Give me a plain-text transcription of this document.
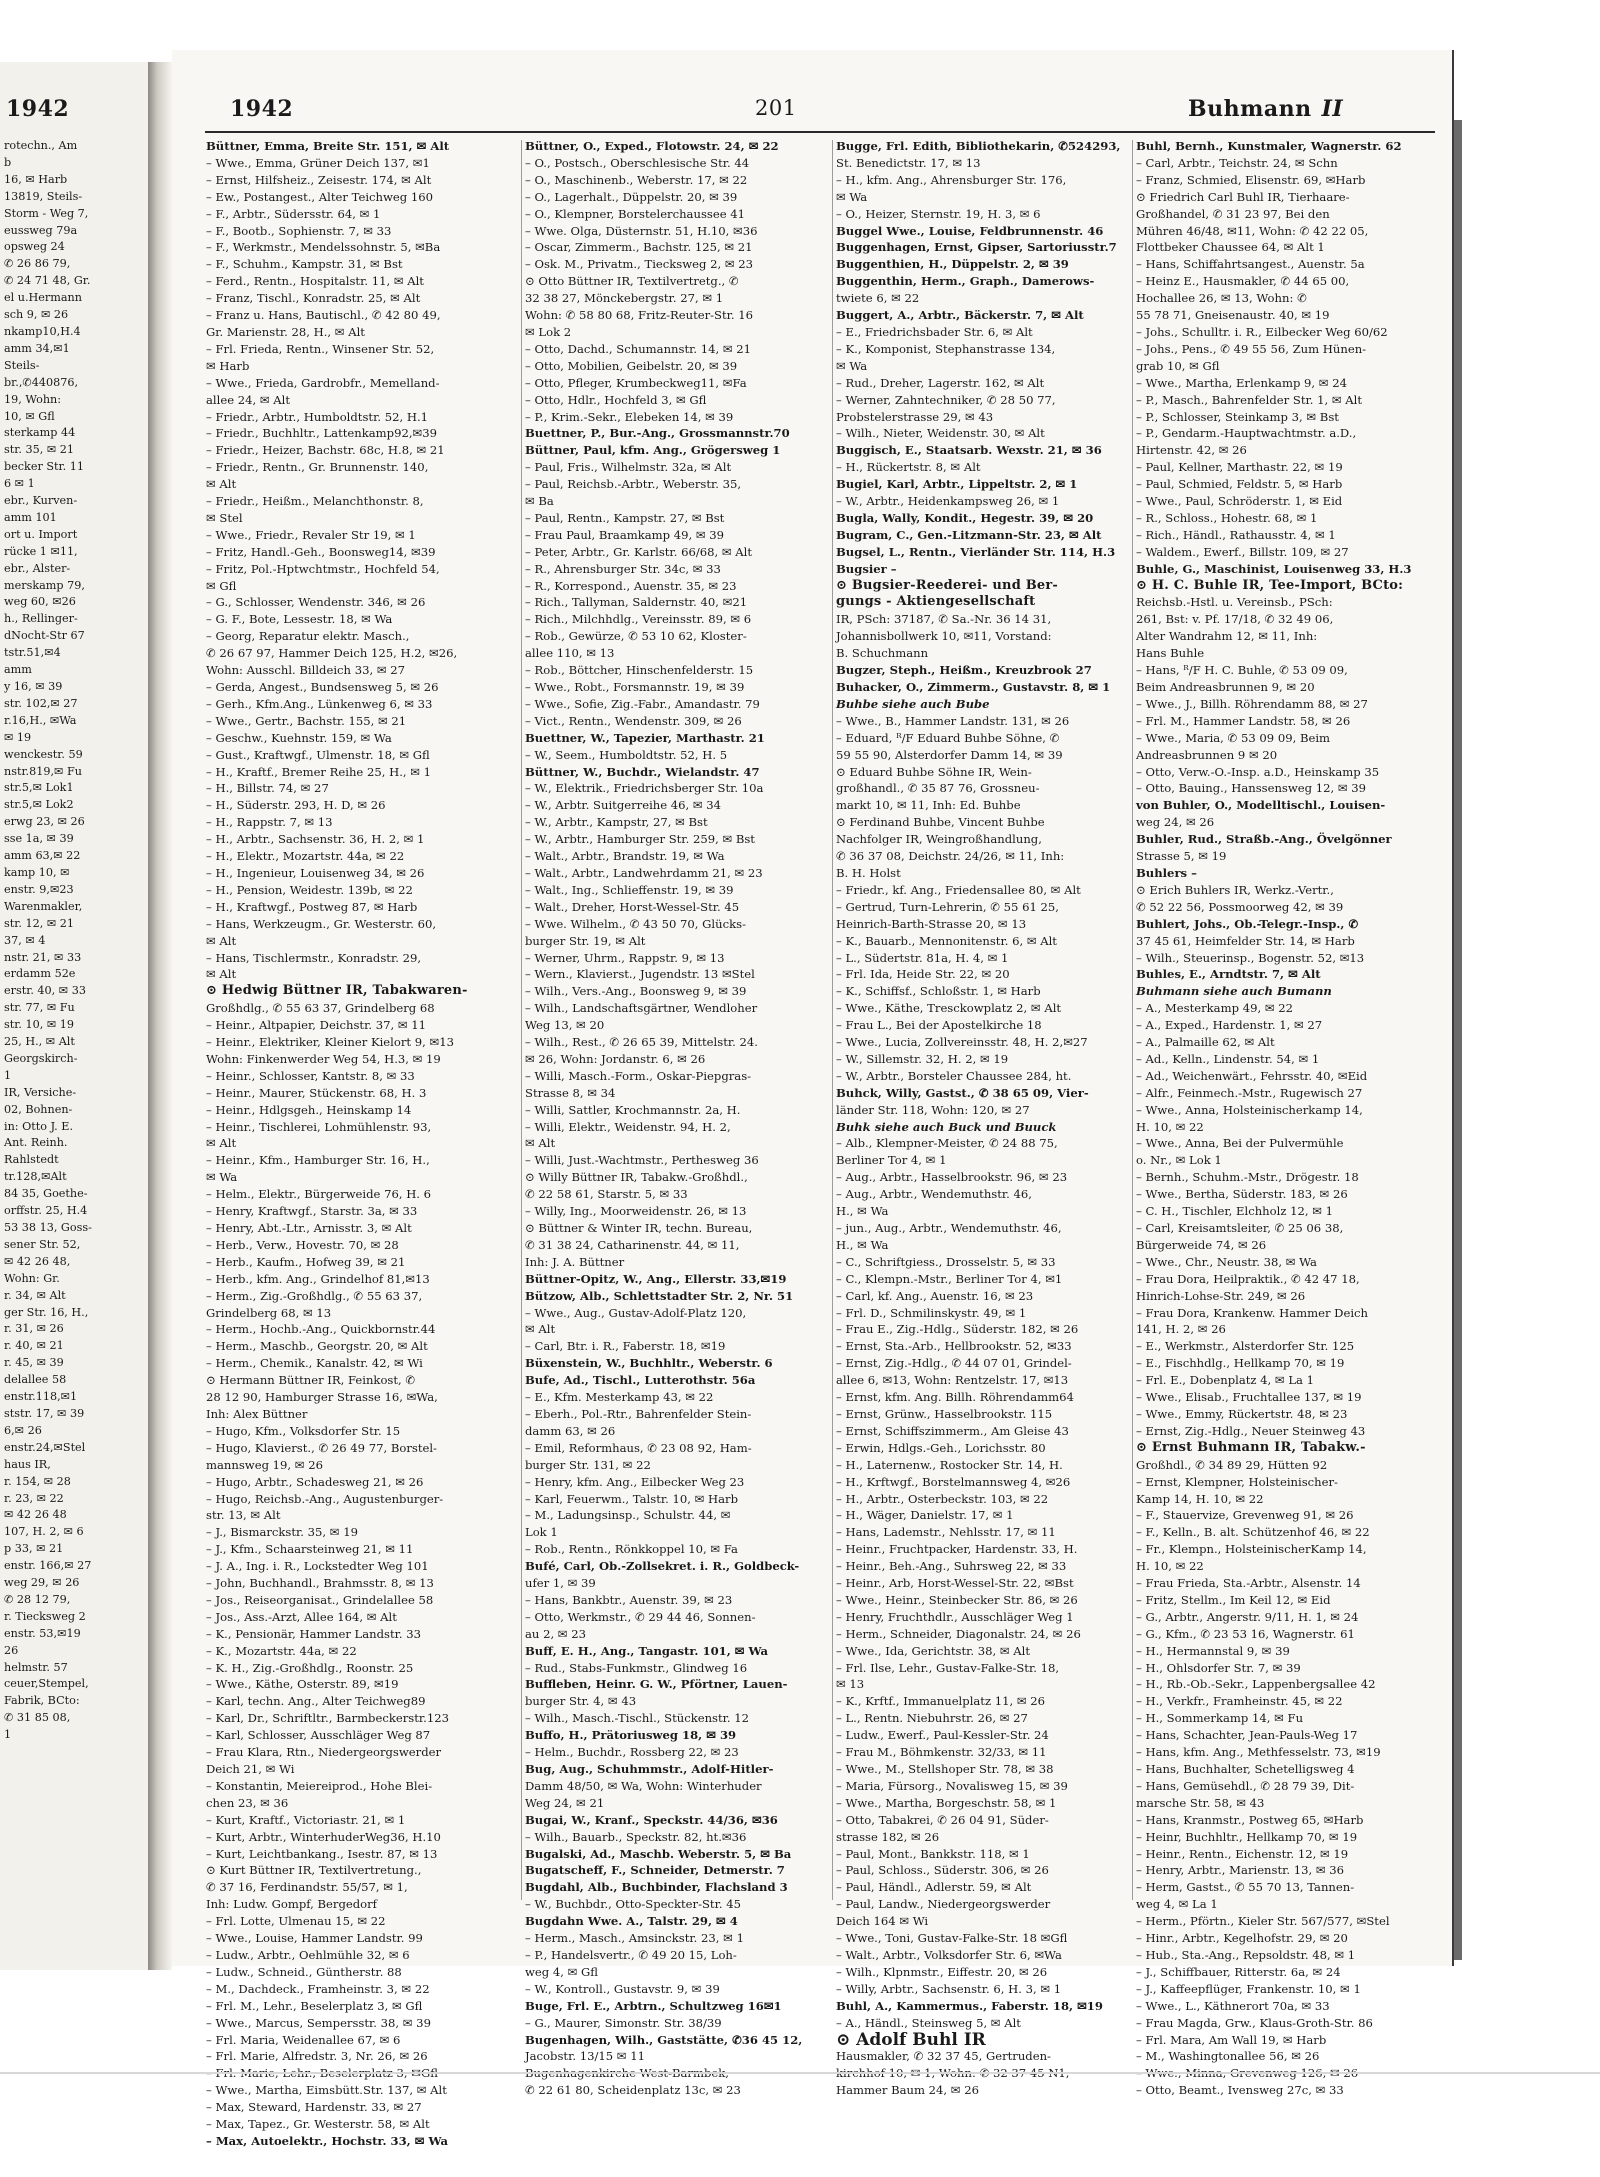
rotechn., Am

b

16, ✉ Harb

13819, Steils-

Storm - Weg 7,

eussweg 79a

opsweg 24

✆ 26 86 79,

✆ 24 71 48, Gr.

el u.Hermann

sch 9, ✉ 26

nkamp10,H.4

amm 34,✉1

Steils-

br.,✆440876,

19, Wohn:

10, ✉ Gfl

sterkamp 44

str. 35, ✉ 21

becker Str. 11

6 ✉ 1

ebr., Kurven-

amm 101

ort u. Import

rücke 1 ✉11,

ebr., Alster-

merskamp 79,

weg 60, ✉26

h., Rellinger-

dNocht-Str 67

tstr.51,✉4

amm

y 16, ✉ 39

str. 102,✉ 27

r.16,H., ✉Wa

✉ 19

wenckestr. 59

nstr.819,✉ Fu

str.5,✉ Lok1

str.5,✉ Lok2

erwg 23, ✉ 26

sse 1a, ✉ 39

amm 63,✉ 22

kamp 10, ✉

enstr. 9,✉23

Warenmakler,

str. 12, ✉ 21

37, ✉ 4

nstr. 21, ✉ 33

erdamm 52e

erstr. 40, ✉ 33

str. 77, ✉ Fu

str. 10, ✉ 19

25, H., ✉ Alt

Georgskirch-

1

IR, Versiche-

02, Bohnen-

in: Otto J. E.

Ant. Reinh.

Rahlstedt

tr.128,✉Alt

84 35, Goethe-

orffstr. 25, H.4

53 38 13, Goss-

sener Str. 52,

✉ 42 26 48,

Wohn: Gr.

r. 34, ✉ Alt

ger Str. 16, H.,

r. 31, ✉ 26

r. 40, ✉ 21

r. 45, ✉ 39

delallee 58

enstr.118,✉1

ststr. 17, ✉ 39

6,✉ 26

enstr.24,✉Stel

haus IR,

r. 154, ✉ 28

r. 23, ✉ 22

✉ 42 26 48

107, H. 2, ✉ 6

p 33, ✉ 21

enstr. 166,✉ 27

weg 29, ✉ 26

✆ 28 12 79,

r. Tiecksweg 2

enstr. 53,✉19

26

helmstr. 57

ceuer,Stempel,

Fabrik, BCto:

✆ 31 85 08,

1

1942	1942	201	Buhmann II

Büttner, Emma, Breite Str. 151, ✉ Alt

– Wwe., Emma, Grüner Deich 137, ✉1

– Ernst, Hilfsheiz., Zeisestr. 174, ✉ Alt

– Ew., Postangest., Alter Teichweg 160

– F., Arbtr., Südersstr. 64, ✉ 1

– F., Bootb., Sophienstr. 7, ✉ 33

– F., Werkmstr., Mendelssohnstr. 5, ✉Ba

– F., Schuhm., Kampstr. 31, ✉ Bst

– Ferd., Rentn., Hospitalstr. 11, ✉ Alt

– Franz, Tischl., Konradstr. 25, ✉ Alt

– Franz u. Hans, Bautischl., ✆ 42 80 49,

Gr. Marienstr. 28, H., ✉ Alt

– Frl. Frieda, Rentn., Winsener Str. 52,

✉ Harb

– Wwe., Frieda, Gardrobfr., Memelland-

allee 24, ✉ Alt

– Friedr., Arbtr., Humboldtstr. 52, H.1

– Friedr., Buchhltr., Lattenkamp92,✉39

– Friedr., Heizer, Bachstr. 68c, H.8, ✉ 21

– Friedr., Rentn., Gr. Brunnenstr. 140,

✉ Alt

– Friedr., Heißm., Melanchthonstr. 8,

✉ Stel

– Wwe., Friedr., Revaler Str 19, ✉ 1

– Fritz, Handl.-Geh., Boonsweg14, ✉39

– Fritz, Pol.-Hptwchtmstr., Hochfeld 54,

✉ Gfl

– G., Schlosser, Wendenstr. 346, ✉ 26

– G. F., Bote, Lessestr. 18, ✉ Wa

– Georg, Reparatur elektr. Masch.,

✆ 26 67 97, Hammer Deich 125, H.2, ✉26,

Wohn: Ausschl. Billdeich 33, ✉ 27

– Gerda, Angest., Bundsensweg 5, ✉ 26

– Gerh., Kfm.Ang., Lünkenweg 6, ✉ 33

– Wwe., Gertr., Bachstr. 155, ✉ 21

– Geschw., Kuehnstr. 159, ✉ Wa

– Gust., Kraftwgf., Ulmenstr. 18, ✉ Gfl

– H., Kraftf., Bremer Reihe 25, H., ✉ 1

– H., Billstr. 74, ✉ 27

– H., Süderstr. 293, H. D, ✉ 26

– H., Rappstr. 7, ✉ 13

– H., Arbtr., Sachsenstr. 36, H. 2, ✉ 1

– H., Elektr., Mozartstr. 44a, ✉ 22

– H., Ingenieur, Louisenweg 34, ✉ 26

– H., Pension, Weidestr. 139b, ✉ 22

– H., Kraftwgf., Postweg 87, ✉ Harb

– Hans, Werkzeugm., Gr. Westerstr. 60,

✉ Alt

– Hans, Tischlermstr., Konradstr. 29,

✉ Alt

⊙ Hedwig Büttner IR, Tabakwaren-

Großhdlg., ✆ 55 63 37, Grindelberg 68

– Heinr., Altpapier, Deichstr. 37, ✉ 11

– Heinr., Elektriker, Kleiner Kielort 9, ✉13

Wohn: Finkenwerder Weg 54, H.3, ✉ 19

– Heinr., Schlosser, Kantstr. 8, ✉ 33

– Heinr., Maurer, Stückenstr. 68, H. 3

– Heinr., Hdlgsgeh., Heinskamp 14

– Heinr., Tischlerei, Lohmühlenstr. 93,

✉ Alt

– Heinr., Kfm., Hamburger Str. 16, H.,

✉ Wa

– Helm., Elektr., Bürgerweide 76, H. 6

– Henry, Kraftwgf., Starstr. 3a, ✉ 33

– Henry, Abt.-Ltr., Arnisstr. 3, ✉ Alt

– Herb., Verw., Hovestr. 70, ✉ 28

– Herb., Kaufm., Hofweg 39, ✉ 21

– Herb., kfm. Ang., Grindelhof 81,✉13

– Herm., Zig.-Großhdlg., ✆ 55 63 37,

Grindelberg 68, ✉ 13

– Herm., Hochb.-Ang., Quickbornstr.44

– Herm., Maschb., Georgstr. 20, ✉ Alt

– Herm., Chemik., Kanalstr. 42, ✉ Wi

⊙ Hermann Büttner IR, Feinkost, ✆

28 12 90, Hamburger Strasse 16, ✉Wa,

Inh: Alex Büttner

– Hugo, Kfm., Volksdorfer Str. 15

– Hugo, Klavierst., ✆ 26 49 77, Borstel-

mannsweg 19, ✉ 26

– Hugo, Arbtr., Schadesweg 21, ✉ 26

– Hugo, Reichsb.-Ang., Augustenburger-

str. 13, ✉ Alt

– J., Bismarckstr. 35, ✉ 19

– J., Kfm., Schaarsteinweg 21, ✉ 11

– J. A., Ing. i. R., Lockstedter Weg 101

– John, Buchhandl., Brahmsstr. 8, ✉ 13

– Jos., Reiseorganisat., Grindelallee 58

– Jos., Ass.-Arzt, Allee 164, ✉ Alt

– K., Pensionär, Hammer Landstr. 33

– K., Mozartstr. 44a, ✉ 22

– K. H., Zig.-Großhdlg., Roonstr. 25

– Wwe., Käthe, Osterstr. 89, ✉19

– Karl, techn. Ang., Alter Teichweg89

– Karl, Dr., Schriftltr., Barmbeckerstr.123

– Karl, Schlosser, Ausschläger Weg 87

– Frau Klara, Rtn., Niedergeorgswerder

Deich 21, ✉ Wi

– Konstantin, Meiereiprod., Hohe Blei-

chen 23, ✉ 36

– Kurt, Kraftf., Victoriastr. 21, ✉ 1

– Kurt, Arbtr., WinterhuderWeg36, H.10

– Kurt, Leichtbankang., Isestr. 87, ✉ 13

⊙ Kurt Büttner IR, Textilvertretung.,

✆ 37 16, Ferdinandstr. 55/57, ✉ 1,

Inh: Ludw. Gompf, Bergedorf

– Frl. Lotte, Ulmenau 15, ✉ 22

– Wwe., Louise, Hammer Landstr. 99

– Ludw., Arbtr., Oehlmühle 32, ✉ 6

– Ludw., Schneid., Güntherstr. 88

– M., Dachdeck., Framheinstr. 3, ✉ 22

– Frl. M., Lehr., Beselerplatz 3, ✉ Gfl

– Wwe., Marcus, Sempersstr. 38, ✉ 39

– Frl. Maria, Weidenallee 67, ✉ 6

– Frl. Marie, Alfredstr. 3, Nr. 26, ✉ 26

– Wwe., Martha, Eimsbütt.Str. 137, ✉ Alt

– Max, Steward, Hardenstr. 33, ✉ 27

– Max, Tapez., Gr. Westerstr. 58, ✉ Alt

– Max, Autoelektr., Hochstr. 33, ✉ Wa

Büttner, O., Exped., Flotowstr. 24, ✉ 22

– O., Postsch., Oberschlesische Str. 44

– O., Maschinenb., Weberstr. 17, ✉ 22

– O., Lagerhalt., Düppelstr. 20, ✉ 39

– O., Klempner, Borstelerchaussee 41

– Wwe. Olga, Düsternstr. 51, H.10, ✉36

– Oscar, Zimmerm., Bachstr. 125, ✉ 21

– Osk. M., Privatm., Tiecksweg 2, ✉ 23

⊙ Otto Büttner IR, Textilvertretg., ✆

32 38 27, Mönckebergstr. 27, ✉ 1

Wohn: ✆ 58 80 68, Fritz-Reuter-Str. 16

✉ Lok 2

– Otto, Dachd., Schumannstr. 14, ✉ 21

– Otto, Mobilien, Geibelstr. 20, ✉ 39

– Otto, Pfleger, Krumbeckweg11, ✉Fa

– Otto, Hdlr., Hochfeld 3, ✉ Gfl

– P., Krim.-Sekr., Elebeken 14, ✉ 39

Buettner, P., Bur.-Ang., Grossmannstr.70

Büttner, Paul, kfm. Ang., Grögersweg 1

– Paul, Fris., Wilhelmstr. 32a, ✉ Alt

– Paul, Reichsb.-Arbtr., Weberstr. 35,

✉ Ba

– Paul, Rentn., Kampstr. 27, ✉ Bst

– Frau Paul, Braamkamp 49, ✉ 39

– Peter, Arbtr., Gr. Karlstr. 66/68, ✉ Alt

– R., Ahrensburger Str. 34c, ✉ 33

– R., Korrespond., Auenstr. 35, ✉ 23

– Rich., Tallyman, Saldernstr. 40, ✉21

– Rich., Milchhdlg., Vereinsstr. 89, ✉ 6

– Rob., Gewürze, ✆ 53 10 62, Kloster-

allee 110, ✉ 13

– Rob., Böttcher, Hinschenfelderstr. 15

– Wwe., Robt., Forsmannstr. 19, ✉ 39

– Wwe., Sofie, Zig.-Fabr., Amandastr. 79

– Vict., Rentn., Wendenstr. 309, ✉ 26

Buettner, W., Tapezier, Marthastr. 21

– W., Seem., Humboldtstr. 52, H. 5

Büttner, W., Buchdr., Wielandstr. 47

– W., Elektrik., Friedrichsberger Str. 10a

– W., Arbtr. Suitgerreihe 46, ✉ 34

– W., Arbtr., Kampstr, 27, ✉ Bst

– W., Arbtr., Hamburger Str. 259, ✉ Bst

– Walt., Arbtr., Brandstr. 19, ✉ Wa

– Walt., Arbtr., Landwehrdamm 21, ✉ 23

– Walt., Ing., Schlieffenstr. 19, ✉ 39

– Walt., Dreher, Horst-Wessel-Str. 45

– Wwe. Wilhelm., ✆ 43 50 70, Glücks-

burger Str. 19, ✉ Alt

– Werner, Uhrm., Rappstr. 9, ✉ 13

– Wern., Klavierst., Jugendstr. 13 ✉Stel

– Wilh., Vers.-Ang., Boonsweg 9, ✉ 39

– Wilh., Landschaftsgärtner, Wendloher

Weg 13, ✉ 20

– Wilh., Rest., ✆ 26 65 39, Mittelstr. 24.

✉ 26, Wohn: Jordanstr. 6, ✉ 26

– Willi, Masch.-Form., Oskar-Piepgras-

Strasse 8, ✉ 34

– Willi, Sattler, Krochmannstr. 2a, H.

– Willi, Elektr., Weidenstr. 94, H. 2,

✉ Alt

– Willi, Just.-Wachtmstr., Perthesweg 36

⊙ Willy Büttner IR, Tabakw.-Großhdl.,

✆ 22 58 61, Starstr. 5, ✉ 33

– Willy, Ing., Moorweidenstr. 26, ✉ 13

⊙ Büttner & Winter IR, techn. Bureau,

✆ 31 38 24, Catharinenstr. 44, ✉ 11,

Inh: J. A. Büttner

Büttner-Opitz, W., Ang., Ellerstr. 33,✉19

Bützow, Alb., Schlettstadter Str. 2, Nr. 51

– Wwe., Aug., Gustav-Adolf-Platz 120,

✉ Alt

– Carl, Btr. i. R., Faberstr. 18, ✉19

Büxenstein, W., Buchhltr., Weberstr. 6

Bufe, Ad., Tischl., Lutterothstr. 56a

– E., Kfm. Mesterkamp 43, ✉ 22

– Eberh., Pol.-Rtr., Bahrenfelder Stein-

damm 63, ✉ 26

– Emil, Reformhaus, ✆ 23 08 92, Ham-

burger Str. 131, ✉ 22

– Henry, kfm. Ang., Eilbecker Weg 23

– Karl, Feuerwm., Talstr. 10, ✉ Harb

– M., Ladungsinsp., Schulstr. 44, ✉

Lok 1

– Rob., Rentn., Rönkkoppel 10, ✉ Fa

Bufé, Carl, Ob.-Zollsekret. i. R., Goldbeck-

ufer 1, ✉ 39

– Hans, Bankbtr., Auenstr. 39, ✉ 23

– Otto, Werkmstr., ✆ 29 44 46, Sonnen-

au 2, ✉ 23

Buff, E. H., Ang., Tangastr. 101, ✉ Wa

– Rud., Stabs-Funkmstr., Glindweg 16

Buffleben, Heinr. G. W., Pförtner, Lauen-

burger Str. 4, ✉ 43

– Wilh., Masch.-Tischl., Stückenstr. 12

Buffo, H., Prätoriusweg 18, ✉ 39

– Helm., Buchdr., Rossberg 22, ✉ 23

Bug, Aug., Schuhmmstr., Adolf-Hitler-

Damm 48/50, ✉ Wa, Wohn: Winterhuder

Weg 24, ✉ 21

Bugai, W., Kranf., Speckstr. 44/36, ✉36

– Wilh., Bauarb., Speckstr. 82, ht.✉36

Bugalski, Ad., Maschb. Weberstr. 5, ✉ Ba

Bugatscheff, F., Schneider, Detmerstr. 7

Bugdahl, Alb., Buchbinder, Flachsland 3

– W., Buchbdr., Otto-Speckter-Str. 45

Bugdahn Wwe. A., Talstr. 29, ✉ 4

– Herm., Masch., Amsinckstr. 23, ✉ 1

– P., Handelsvertr., ✆ 49 20 15, Loh-

weg 4, ✉ Gfl

– W., Kontroll., Gustavstr. 9, ✉ 39

Buge, Frl. E., Arbtrn., Schultzweg 16✉1

– G., Maurer, Simonstr. Str. 38/39

Bugenhagen, Wilh., Gaststätte, ✆36 45 12,

Jacobstr. 13/15 ✉ 11

✆ 22 61 80, Scheidenplatz 13c, ✉ 23

Bugge, Frl. Edith, Bibliothekarin, ✆524293,

St. Benedictstr. 17, ✉ 13

– H., kfm. Ang., Ahrensburger Str. 176,

✉ Wa

– O., Heizer, Sternstr. 19, H. 3, ✉ 6

Buggel Wwe., Louise, Feldbrunnenstr. 46

Buggenhagen, Ernst, Gipser, Sartoriusstr.7

Buggenthien, H., Düppelstr. 2, ✉ 39

Buggenthin, Herm., Graph., Damerows-

twiete 6, ✉ 22

Buggert, A., Arbtr., Bäckerstr. 7, ✉ Alt

– E., Friedrichsbader Str. 6, ✉ Alt

– K., Komponist, Stephanstrasse 134,

✉ Wa

– Rud., Dreher, Lagerstr. 162, ✉ Alt

– Werner, Zahntechniker, ✆ 28 50 77,

Probstelerstrasse 29, ✉ 43

– Wilh., Nieter, Weidenstr. 30, ✉ Alt

Buggisch, E., Staatsarb. Wexstr. 21, ✉ 36

– H., Rückertstr. 8, ✉ Alt

Bugiel, Karl, Arbtr., Lippeltstr. 2, ✉ 1

– W., Arbtr., Heidenkampsweg 26, ✉ 1

Bugla, Wally, Kondit., Hegestr. 39, ✉ 20

Bugram, C., Gen.-Litzmann-Str. 23, ✉ Alt

Bugsel, L., Rentn., Vierländer Str. 114, H.3

Bugsier –

⊙ Bugsier-Reederei- und Ber-

gungs - Aktiengesellschaft

IR, PSch: 37187, ✆ Sa.-Nr. 36 14 31,

Johannisbollwerk 10, ✉11, Vorstand:

B. Schuchmann

Bugzer, Steph., Heißm., Kreuzbrook 27

Buhacker, O., Zimmerm., Gustavstr. 8, ✉ 1

Buhbe siehe auch Bube

– Wwe., B., Hammer Landstr. 131, ✉ 26

– Eduard, ᴿ/F Eduard Buhbe Söhne, ✆

59 55 90, Alsterdorfer Damm 14, ✉ 39

⊙ Eduard Buhbe Söhne IR, Wein-

großhandl., ✆ 35 87 76, Grossneu-

markt 10, ✉ 11, Inh: Ed. Buhbe

⊙ Ferdinand Buhbe, Vincent Buhbe

Nachfolger IR, Weingroßhandlung,

✆ 36 37 08, Deichstr. 24/26, ✉ 11, Inh:

B. H. Holst

– Friedr., kf. Ang., Friedensallee 80, ✉ Alt

– Gertrud, Turn-Lehrerin, ✆ 55 61 25,

Heinrich-Barth-Strasse 20, ✉ 13

– K., Bauarb., Mennonitenstr. 6, ✉ Alt

– L., Südertstr. 81a, H. 4, ✉ 1

– Frl. Ida, Heide Str. 22, ✉ 20

– K., Schiffsf., Schloßstr. 1, ✉ Harb

– Wwe., Käthe, Tresckowplatz 2, ✉ Alt

– Frau L., Bei der Apostelkirche 18

– Wwe., Lucia, Zollvereinsstr. 48, H. 2,✉27

– W., Sillemstr. 32, H. 2, ✉ 19

– W., Arbtr., Borsteler Chaussee 284, ht.

Buhck, Willy, Gastst., ✆ 38 65 09, Vier-

länder Str. 118, Wohn: 120, ✉ 27

Buhk siehe auch Buck und Buuck

– Alb., Klempner-Meister, ✆ 24 88 75,

Berliner Tor 4, ✉ 1

– Aug., Arbtr., Hasselbrookstr. 96, ✉ 23

– Aug., Arbtr., Wendemuthstr. 46,

H., ✉ Wa

– jun., Aug., Arbtr., Wendemuthstr. 46,

H., ✉ Wa

– C., Schriftgiess., Drosselstr. 5, ✉ 33

– C., Klempn.-Mstr., Berliner Tor 4, ✉1

– Carl, kf. Ang., Auenstr. 16, ✉ 23

– Frl. D., Schmilinskystr. 49, ✉ 1

– Frau E., Zig.-Hdlg., Süderstr. 182, ✉ 26

– Ernst, Sta.-Arb., Hellbrookstr. 52, ✉33

– Ernst, Zig.-Hdlg., ✆ 44 07 01, Grindel-

allee 6, ✉13, Wohn: Rentzelstr. 17, ✉13

– Ernst, kfm. Ang. Billh. Röhrendamm64

– Ernst, Grünw., Hasselbrookstr. 115

– Ernst, Schiffszimmerm., Am Gleise 43

– Erwin, Hdlgs.-Geh., Lorichsstr. 80

– H., Laternenw., Rostocker Str. 14, H.

– H., Krftwgf., Borstelmannsweg 4, ✉26

– H., Arbtr., Osterbeckstr. 103, ✉ 22

– H., Wäger, Danielstr. 17, ✉ 1

– Hans, Lademstr., Nehlsstr. 17, ✉ 11

– Heinr., Fruchtpacker, Hardenstr. 33, H.

– Heinr., Beh.-Ang., Suhrsweg 22, ✉ 33

– Heinr., Arb, Horst-Wessel-Str. 22, ✉Bst

– Wwe., Heinr., Steinbecker Str. 86, ✉ 26

– Henry, Fruchthdlr., Ausschläger Weg 1

– Herm., Schneider, Diagonalstr. 24, ✉ 26

– Wwe., Ida, Gerichtstr. 38, ✉ Alt

– Frl. Ilse, Lehr., Gustav-Falke-Str. 18,

✉ 13

– K., Krftf., Immanuelplatz 11, ✉ 26

– L., Rentn. Niebuhrstr. 26, ✉ 27

– Ludw., Ewerf., Paul-Kessler-Str. 24

– Frau M., Böhmkenstr. 32/33, ✉ 11

– Wwe., M., Stellshoper Str. 78, ✉ 38

– Maria, Fürsorg., Novalisweg 15, ✉ 39

– Wwe., Martha, Borgeschstr. 58, ✉ 1

– Otto, Tabakrei, ✆ 26 04 91, Süder-

strasse 182, ✉ 26

– Paul, Mont., Bankkstr. 118, ✉ 1

– Paul, Schloss., Süderstr. 306, ✉ 26

– Paul, Händl., Adlerstr. 59, ✉ Alt

– Paul, Landw., Niedergeorgswerder

Deich 164 ✉ Wi

– Wwe., Toni, Gustav-Falke-Str. 18 ✉Gfl

– Walt., Arbtr., Volksdorfer Str. 6, ✉Wa

– Wilh., Klpnmstr., Eiffestr. 20, ✉ 26

– Willy, Arbtr., Sachsenstr. 6, H. 3, ✉ 1

Buhl, A., Kammermus., Faberstr. 18, ✉19

– A., Händl., Steinsweg 5, ✉ Alt

⊙ Adolf Buhl IR

Hausmakler, ✆ 32 37 45, Gertruden-

Hammer Baum 24, ✉ 26

Buhl, Bernh., Kunstmaler, Wagnerstr. 62

– Carl, Arbtr., Teichstr. 24, ✉ Schn

– Franz, Schmied, Elisenstr. 69, ✉Harb

⊙ Friedrich Carl Buhl IR, Tierhaare-

Großhandel, ✆ 31 23 97, Bei den

Mühren 46/48, ✉11, Wohn: ✆ 42 22 05,

Flottbeker Chaussee 64, ✉ Alt 1

– Hans, Schiffahrtsangest., Auenstr. 5a

– Heinz E., Hausmakler, ✆ 44 65 00,

Hochallee 26, ✉ 13, Wohn: ✆

55 78 71, Gneisenaustr. 40, ✉ 19

– Johs., Schulltr. i. R., Eilbecker Weg 60/62

– Johs., Pens., ✆ 49 55 56, Zum Hünen-

grab 10, ✉ Gfl

– Wwe., Martha, Erlenkamp 9, ✉ 24

– P., Masch., Bahrenfelder Str. 1, ✉ Alt

– P., Schlosser, Steinkamp 3, ✉ Bst

– P., Gendarm.-Hauptwachtmstr. a.D.,

Hirtenstr. 42, ✉ 26

– Paul, Kellner, Marthastr. 22, ✉ 19

– Paul, Schmied, Feldstr. 5, ✉ Harb

– Wwe., Paul, Schröderstr. 1, ✉ Eid

– R., Schloss., Hohestr. 68, ✉ 1

– Rich., Händl., Rathausstr. 4, ✉ 1

– Waldem., Ewerf., Billstr. 109, ✉ 27

Buhle, G., Maschinist, Louisenweg 33, H.3

⊙ H. C. Buhle IR, Tee-Import, BCto:

Reichsb.-Hstl. u. Vereinsb., PSch:

261, Bst: v. Pf. 17/18, ✆ 32 49 06,

Alter Wandrahm 12, ✉ 11, Inh:

Hans Buhle

– Hans, ᴿ/F H. C. Buhle, ✆ 53 09 09,

Beim Andreasbrunnen 9, ✉ 20

– Wwe., J., Billh. Röhrendamm 88, ✉ 27

– Frl. M., Hammer Landstr. 58, ✉ 26

– Wwe., Maria, ✆ 53 09 09, Beim

Andreasbrunnen 9 ✉ 20

– Otto, Verw.-O.-Insp. a.D., Heinskamp 35

– Otto, Bauing., Hanssensweg 12, ✉ 39

von Buhler, O., Modelltischl., Louisen-

weg 24, ✉ 26

Buhler, Rud., Straßb.-Ang., Övelgönner

Strasse 5, ✉ 19

Buhlers –

⊙ Erich Buhlers IR, Werkz.-Vertr.,

✆ 52 22 56, Possmoorweg 42, ✉ 39

Buhlert, Johs., Ob.-Telegr.-Insp., ✆

37 45 61, Heimfelder Str. 14, ✉ Harb

– Wilh., Steuerinsp., Bogenstr. 52, ✉13

Buhles, E., Arndtstr. 7, ✉ Alt

Buhmann siehe auch Bumann

– A., Mesterkamp 49, ✉ 22

– A., Exped., Hardenstr. 1, ✉ 27

– A., Palmaille 62, ✉ Alt

– Ad., Kelln., Lindenstr. 54, ✉ 1

– Ad., Weichenwärt., Fehrsstr. 40, ✉Eid

– Alfr., Feinmech.-Mstr., Rugewisch 27

– Wwe., Anna, Holsteinischerkamp 14,

H. 10, ✉ 22

– Wwe., Anna, Bei der Pulvermühle

o. Nr., ✉ Lok 1

– Bernh., Schuhm.-Mstr., Drögestr. 18

– Wwe., Bertha, Süderstr. 183, ✉ 26

– C. H., Tischler, Elchholz 12, ✉ 1

– Carl, Kreisamtsleiter, ✆ 25 06 38,

Bürgerweide 74, ✉ 26

– Wwe., Chr., Neustr. 38, ✉ Wa

– Frau Dora, Heilpraktik., ✆ 42 47 18,

Hinrich-Lohse-Str. 249, ✉ 26

– Frau Dora, Krankenw. Hammer Deich

141, H. 2, ✉ 26

– E., Werkmstr., Alsterdorfer Str. 125

– E., Fischhdlg., Hellkamp 70, ✉ 19

– Frl. E., Dobenplatz 4, ✉ La 1

– Wwe., Elisab., Fruchtallee 137, ✉ 19

– Wwe., Emmy, Rückertstr. 48, ✉ 23

– Ernst, Zig.-Hdlg., Neuer Steinweg 43

⊙ Ernst Buhmann IR, Tabakw.-

Großhdl., ✆ 34 89 29, Hütten 92

– Ernst, Klempner, Holsteinischer-

Kamp 14, H. 10, ✉ 22

– F., Stauervize, Grevenweg 91, ✉ 26

– F., Kelln., B. alt. Schützenhof 46, ✉ 22

– Fr., Klempn., HolsteinischerKamp 14,

H. 10, ✉ 22

– Frau Frieda, Sta.-Arbtr., Alsenstr. 14

– Fritz, Stellm., Im Keil 12, ✉ Eid

– G., Arbtr., Angerstr. 9/11, H. 1, ✉ 24

– G., Kfm., ✆ 23 53 16, Wagnerstr. 61

– H., Hermannstal 9, ✉ 39

– H., Ohlsdorfer Str. 7, ✉ 39

– H., Rb.-Ob.-Sekr., Lappenbergsallee 42

– H., Verkfr., Framheinstr. 45, ✉ 22

– H., Sommerkamp 14, ✉ Fu

– Hans, Schachter, Jean-Pauls-Weg 17

– Hans, kfm. Ang., Methfesselstr. 73, ✉19

– Hans, Buchhalter, Schetelligsweg 4

– Hans, Gemüsehdl., ✆ 28 79 39, Dit-

marsche Str. 58, ✉ 43

– Hans, Kranmstr., Postweg 65, ✉Harb

– Heinr, Buchhltr., Hellkamp 70, ✉ 19

– Heinr., Rentn., Eichenstr. 12, ✉ 19

– Henry, Arbtr., Marienstr. 13, ✉ 36

– Herm, Gastst., ✆ 55 70 13, Tannen-

weg 4, ✉ La 1

– Herm., Pförtn., Kieler Str. 567/577, ✉Stel

– Hinr., Arbtr., Kegelhofstr. 29, ✉ 20

– Hub., Sta.-Ang., Repsoldstr. 48, ✉ 1

– J., Schiffbauer, Ritterstr. 6a, ✉ 24

– J., Kaffeepflüger, Frankenstr. 10, ✉ 1

– Wwe., L., Käthnerort 70a, ✉ 33

– Frau Magda, Grw., Klaus-Groth-Str. 86

– Frl. Mara, Am Wall 19, ✉ Harb

– M., Washingtonallee 56, ✉ 26

– Otto, Beamt., Ivensweg 27c, ✉ 33
